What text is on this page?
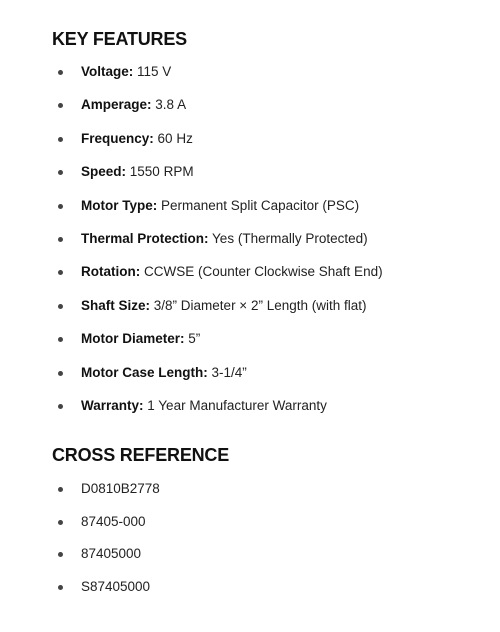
KEY FEATURES
Voltage: 115 V
Amperage: 3.8 A
Frequency: 60 Hz
Speed: 1550 RPM
Motor Type: Permanent Split Capacitor (PSC)
Thermal Protection: Yes (Thermally Protected)
Rotation: CCWSE (Counter Clockwise Shaft End)
Shaft Size: 3/8” Diameter × 2” Length (with flat)
Motor Diameter: 5”
Motor Case Length: 3-1/4”
Warranty: 1 Year Manufacturer Warranty
CROSS REFERENCE
D0810B2778
87405-000
87405000
S87405000
